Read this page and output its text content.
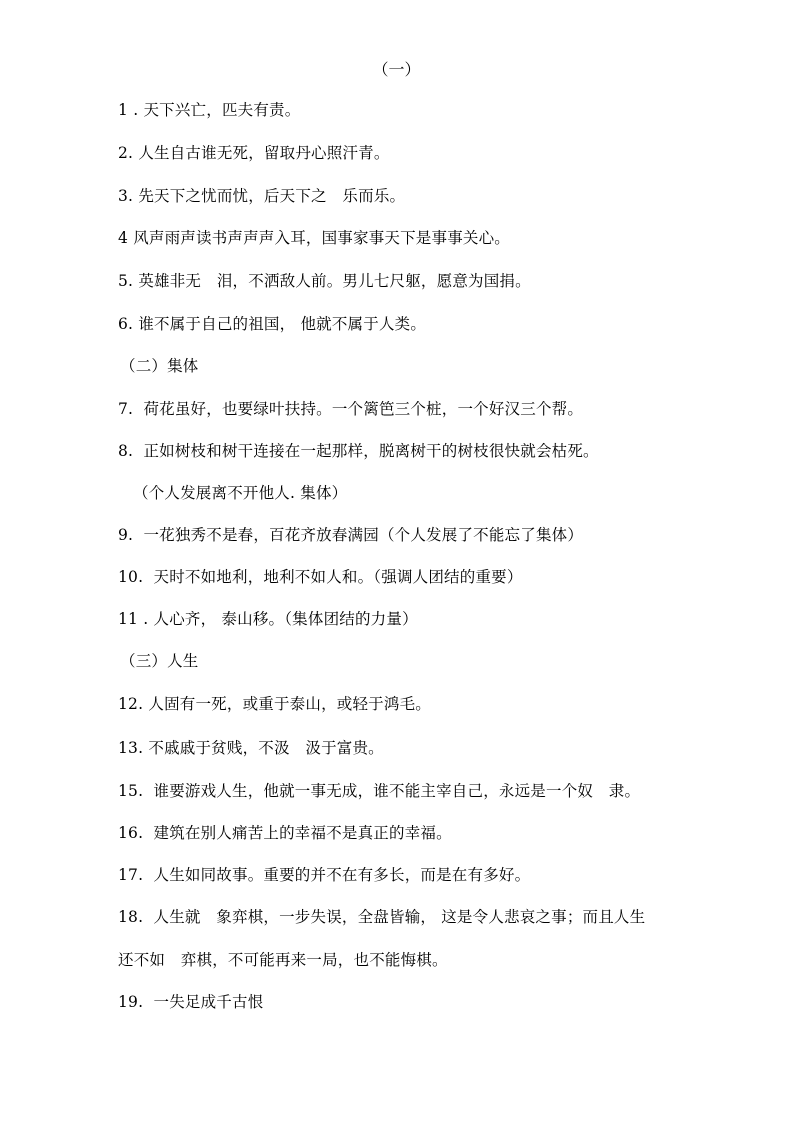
（一）
1 . 天下兴亡，匹夫有责。
2. 人生自古谁无死，留取丹心照汗青。
3. 先天下之忧而忧，后天下之　乐而乐。
4 风声雨声读书声声声入耳，国事家事天下是事事关心。
5. 英雄非无　泪，不洒敌人前。男儿七尺躯，愿意为国捐。
6. 谁不属于自己的祖国， 他就不属于人类。
（二）集体
7.  荷花虽好，也要绿叶扶持。一个篱笆三个桩，一个好汉三个帮。
8.  正如树枝和树干连接在一起那样，脱离树干的树枝很快就会枯死。
（个人发展离不开他人. 集体）
9.  一花独秀不是春，百花齐放春满园（个人发展了不能忘了集体）
10.  天时不如地利，地利不如人和。（强调人团结的重要）
11 . 人心齐， 泰山移。（集体团结的力量）
（三）人生
12. 人固有一死，或重于泰山，或轻于鸿毛。
13. 不戚戚于贫贱，不汲　汲于富贵。
15.  谁要游戏人生，他就一事无成，谁不能主宰自己，永远是一个奴　隶。
16.  建筑在别人痛苦上的幸福不是真正的幸福。
17.  人生如同故事。重要的并不在有多长，而是在有多好。
18.  人生就　象弈棋，一步失误，全盘皆输， 这是令人悲哀之事；而且人生
还不如　弈棋，不可能再来一局，也不能悔棋。
19.  一失足成千古恨
